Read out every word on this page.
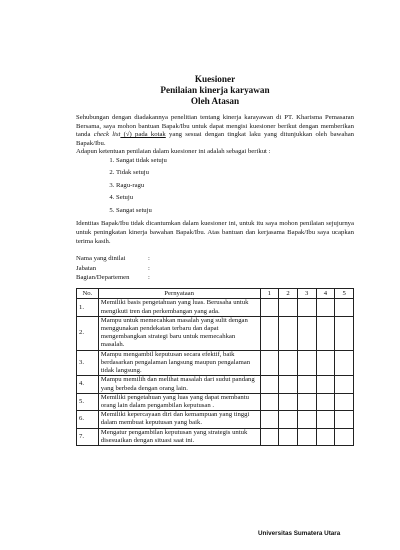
Kuesioner
Penilaian kinerja karyawan
Oleh Atasan

Sehubungan dengan diadakannya penelitian tentang kinerja karayawan di PT. Kharisma Pemasaran Bersama, saya mohon bantuan Bapak/Ibu untuk dapat mengisi kuesioner berikut dengan memberikan tanda check list (√) pada kotak yang sesuai dengan tingkat laku yang ditunjukkan oleh bawahan Bapak/Ibu.
Adapun ketentuan penilaian dalam kuesioner ini adalah sebagai berikut :

1. Sangat tidak setuju
2. Tidak setuju
3. Ragu-ragu
4. Setuju
5. Sangat setuju

Identitas Bapak/Ibu tidak dicantumkan dalam kuesioner ini, untuk itu saya mohon penilaian sejujurnya untuk peningkatan kinerja bawahan Bapak/Ibu. Atas bantuan dan kerjasama Bapak/Ibu saya ucapkan terima kasih.

Nama yang dinilai	:
Jabatan	:
Bagian/Departemen	:
No.	Pernyataan	1	2	3	4	5
1.	Memiliki basis pengetahuan yang luas. Berusaha untuk mengikuti tren dan perkembangan yang ada.					
2.	Mampu untuk memecahkan masalah yang sulit dengan menggunakan pendekatan terbaru dan dapat mengembangkan strategi baru untuk memecahkan masalah.					
3.	Mampu mengambil keputusan secara efektif, baik berdasarkan pengalaman langsung maupun pengalaman tidak langsung.					
4.	Mampu memilih dan melihat masalah dari sudut pandang yang berbeda dengan orang lain.					
5.	Memiliki pengetahuan yang luas yang dapat membantu orang lain dalam pengambilan keputusan .					
6.	Memiliki kepercayaan diri dan kemampuan yang tinggi dalam membuat keputusan yang baik.					
7.	Mengatur pengambilan keputusan yang strategis untuk disesuaikan dengan situasi saat ini.					
Universitas Sumatera Utara
